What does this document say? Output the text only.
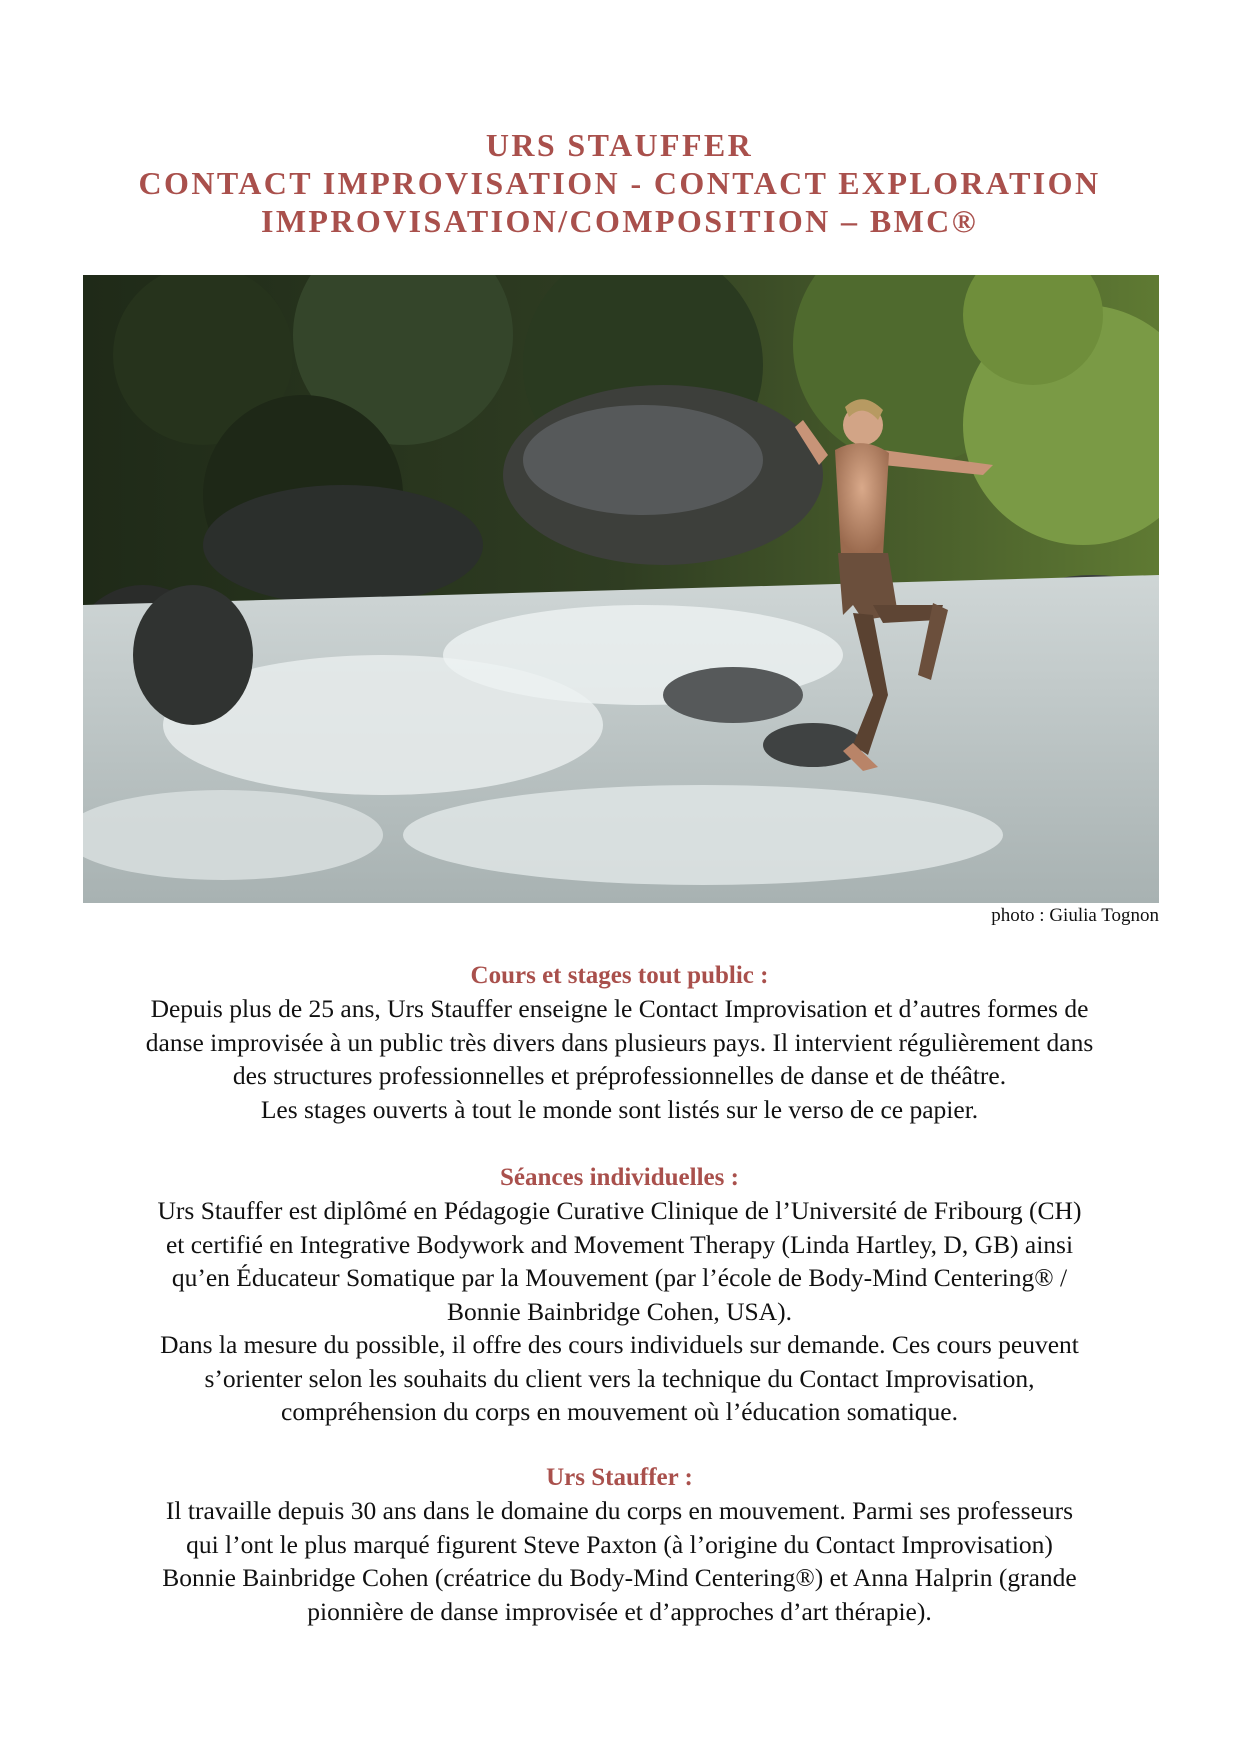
URS STAUFFER
CONTACT IMPROVISATION - CONTACT EXPLORATION
IMPROVISATION/COMPOSITION – BMC®
photo : Giulia Tognon
Cours et stages tout public :
Depuis plus de 25 ans, Urs Stauffer enseigne le Contact Improvisation et d’autres formes de
danse improvisée à un public très divers dans plusieurs pays. Il intervient régulièrement dans
des structures professionnelles et préprofessionnelles de danse et de théâtre.
Les stages ouverts à tout le monde sont listés sur le verso de ce papier.
Séances individuelles :
Urs Stauffer est diplômé en Pédagogie Curative Clinique de l’Université de Fribourg (CH)
et certifié en Integrative Bodywork and Movement Therapy (Linda Hartley, D, GB) ainsi
qu’en Éducateur Somatique par la Mouvement (par l’école de Body-Mind Centering® /
Bonnie Bainbridge Cohen, USA).
Dans la mesure du possible, il offre des cours individuels sur demande. Ces cours peuvent
s’orienter selon les souhaits du client vers la technique du Contact Improvisation,
compréhension du corps en mouvement où l’éducation somatique.
Urs Stauffer :
Il travaille depuis 30 ans dans le domaine du corps en mouvement. Parmi ses professeurs
qui l’ont le plus marqué figurent Steve Paxton (à l’origine du Contact Improvisation)
Bonnie Bainbridge Cohen (créatrice du Body-Mind Centering®) et Anna Halprin (grande
pionnière de danse improvisée et d’approches d’art thérapie).
